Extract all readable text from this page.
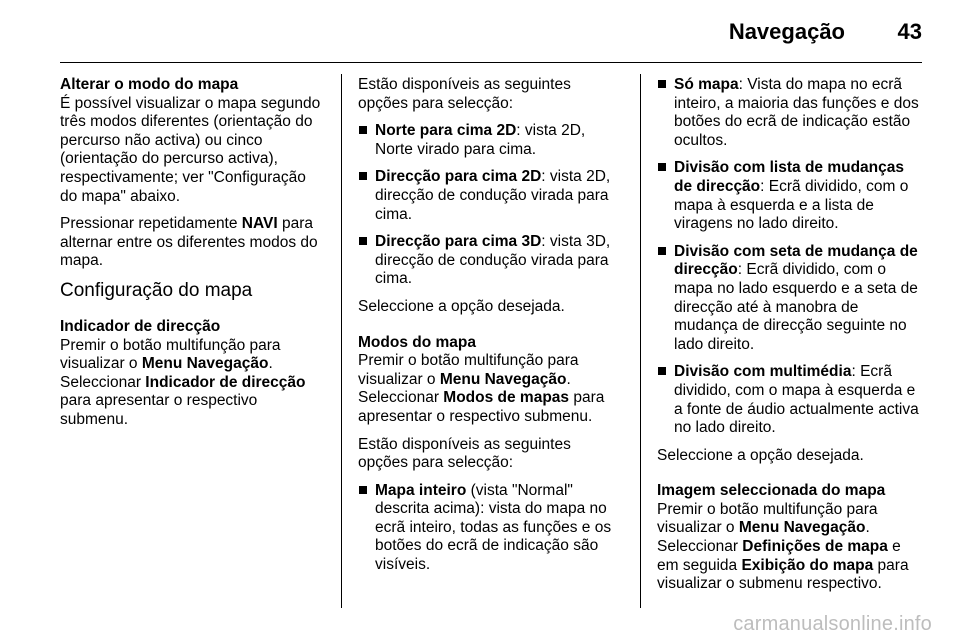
Navegação 43

Alterar o modo do mapa

É possível visualizar o mapa segundo três modos diferentes (orientação do percurso não activa) ou cinco (orientação do percurso activa), respectivamente; ver "Configuração do mapa" abaixo.

Pressionar repetidamente NAVI para alternar entre os diferentes modos do mapa.

Configuração do mapa

Indicador de direcção

Premir o botão multifunção para visualizar o Menu Navegação. Seleccionar Indicador de direcção para apresentar o respectivo submenu.

Estão disponíveis as seguintes opções para selecção:

Norte para cima 2D: vista 2D, Norte virado para cima.
Direcção para cima 2D: vista 2D, direcção de condução virada para cima.
Direcção para cima 3D: vista 3D, direcção de condução virada para cima.

Seleccione a opção desejada.

Modos do mapa

Premir o botão multifunção para visualizar o Menu Navegação. Seleccionar Modos de mapas para apresentar o respectivo submenu.

Estão disponíveis as seguintes opções para selecção:

Mapa inteiro (vista "Normal" descrita acima): vista do mapa no ecrã inteiro, todas as funções e os botões do ecrã de indicação são visíveis.
Só mapa: Vista do mapa no ecrã inteiro, a maioria das funções e dos botões do ecrã de indicação estão ocultos.
Divisão com lista de mudanças de direcção: Ecrã dividido, com o mapa à esquerda e a lista de viragens no lado direito.
Divisão com seta de mudança de direcção: Ecrã dividido, com o mapa no lado esquerdo e a seta de direcção até à manobra de mudança de direcção seguinte no lado direito.
Divisão com multimédia: Ecrã dividido, com o mapa à esquerda e a fonte de áudio actualmente activa no lado direito.

Seleccione a opção desejada.

Imagem seleccionada do mapa

Premir o botão multifunção para visualizar o Menu Navegação. Seleccionar Definições de mapa e em seguida Exibição do mapa para visualizar o submenu respectivo.

carmanualsonline.info
